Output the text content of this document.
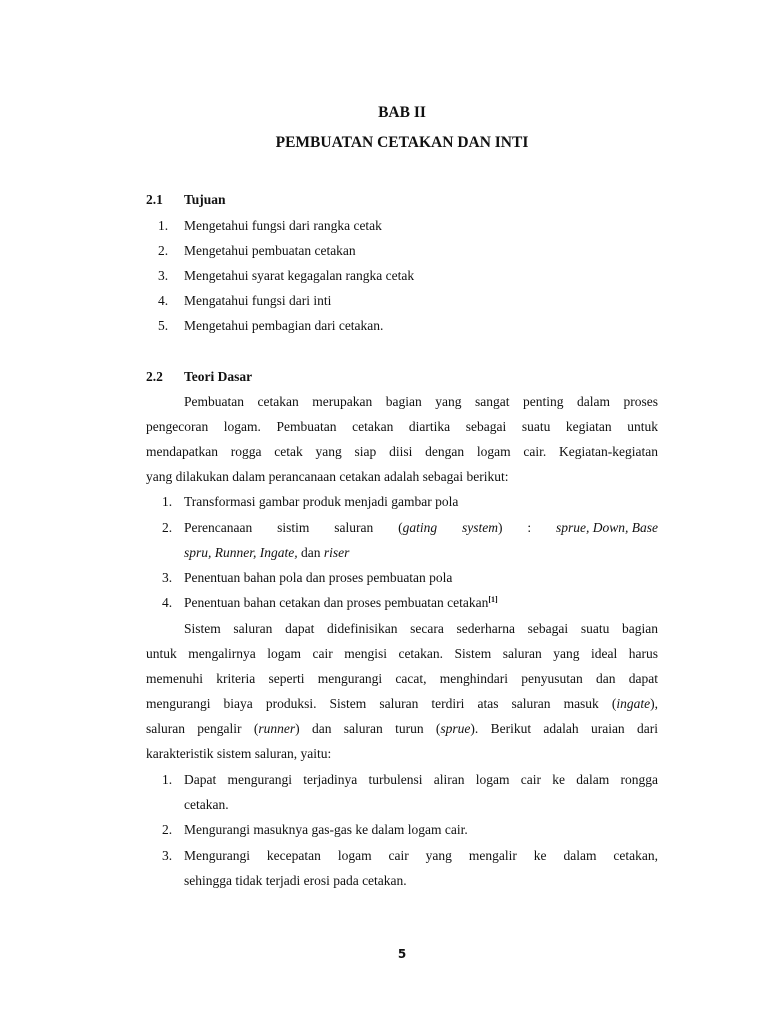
BAB II
PEMBUATAN CETAKAN DAN INTI
2.1 Tujuan
1. Mengetahui fungsi dari rangka cetak
2. Mengetahui pembuatan cetakan
3. Mengetahui syarat kegagalan rangka cetak
4. Mengatahui fungsi dari inti
5. Mengetahui pembagian dari cetakan.
2.2 Teori Dasar
Pembuatan cetakan merupakan bagian yang sangat penting dalam proses
pengecoran logam. Pembuatan cetakan diartika sebagai suatu kegiatan untuk
mendapatkan rogga cetak yang siap diisi dengan logam cair. Kegiatan-kegiatan
yang dilakukan dalam perancanaan cetakan adalah sebagai berikut:
1. Transformasi gambar produk menjadi gambar pola
2. Perencanaan sistim saluran (gating system) : sprue, Down, Base
spru, Runner, Ingate, dan riser
3. Penentuan bahan pola dan proses pembuatan pola
4. Penentuan bahan cetakan dan proses pembuatan cetakan[1]
Sistem saluran dapat didefinisikan secara sederharna sebagai suatu bagian
untuk mengalirnya logam cair mengisi cetakan. Sistem saluran yang ideal harus
memenuhi kriteria seperti mengurangi cacat, menghindari penyusutan dan dapat
mengurangi biaya produksi. Sistem saluran terdiri atas saluran masuk (ingate),
saluran pengalir (runner) dan saluran turun (sprue). Berikut adalah uraian dari
karakteristik sistem saluran, yaitu:
1. Dapat mengurangi terjadinya turbulensi aliran logam cair ke dalam rongga
cetakan.
2. Mengurangi masuknya gas-gas ke dalam logam cair.
3. Mengurangi kecepatan logam cair yang mengalir ke dalam cetakan,
sehingga tidak terjadi erosi pada cetakan.
5
